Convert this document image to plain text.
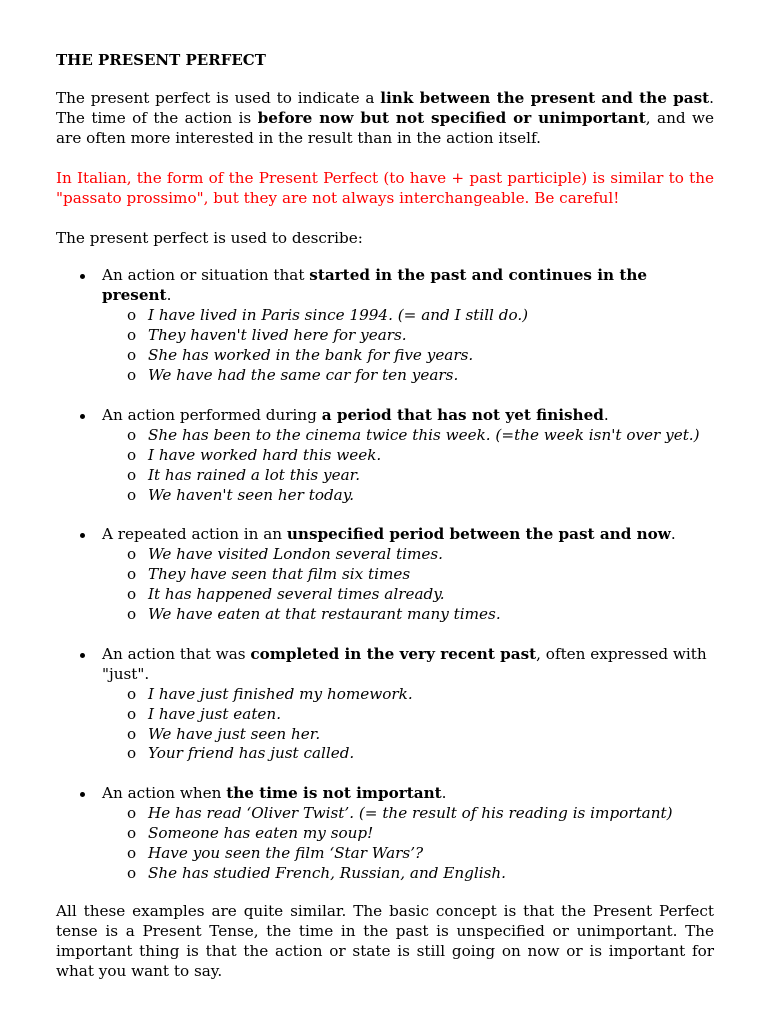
THE PRESENT PERFECT

The present perfect is used to indicate a link between the present and the past. The time of the action is before now but not specified or unimportant, and we are often more interested in the result than in the action itself.

In Italian, the form of the Present Perfect (to have + past participle) is similar to the "passato prossimo", but they are not always interchangeable. Be careful!

The present perfect is used to describe:

An action or situation that started in the past and continues in the present.
o I have lived in Paris since 1994. (= and I still do.)
o They haven't lived here for years.
o She has worked in the bank for five years.
o We have had the same car for ten years.
An action performed during a period that has not yet finished.
o She has been to the cinema twice this week. (=the week isn't over yet.)
o I have worked hard this week.
o It has rained a lot this year.
o We haven't seen her today.
A repeated action in an unspecified period between the past and now.
o We have visited London several times.
o They have seen that film six times
o It has happened several times already.
o We have eaten at that restaurant many times.
An action that was completed in the very recent past, often expressed with "just".
o I have just finished my homework.
o I have just eaten.
o We have just seen her.
o Your friend has just called.
An action when the time is not important.
o He has read ‘Oliver Twist’. (= the result of his reading is important)
o Someone has eaten my soup!
o Have you seen the film ‘Star Wars’?
o She has studied French, Russian, and English.

All these examples are quite similar. The basic concept is that the Present Perfect tense is a Present Tense, the time in the past is unspecified or unimportant. The important thing is that the action or state is still going on now or is important for what you want to say.
